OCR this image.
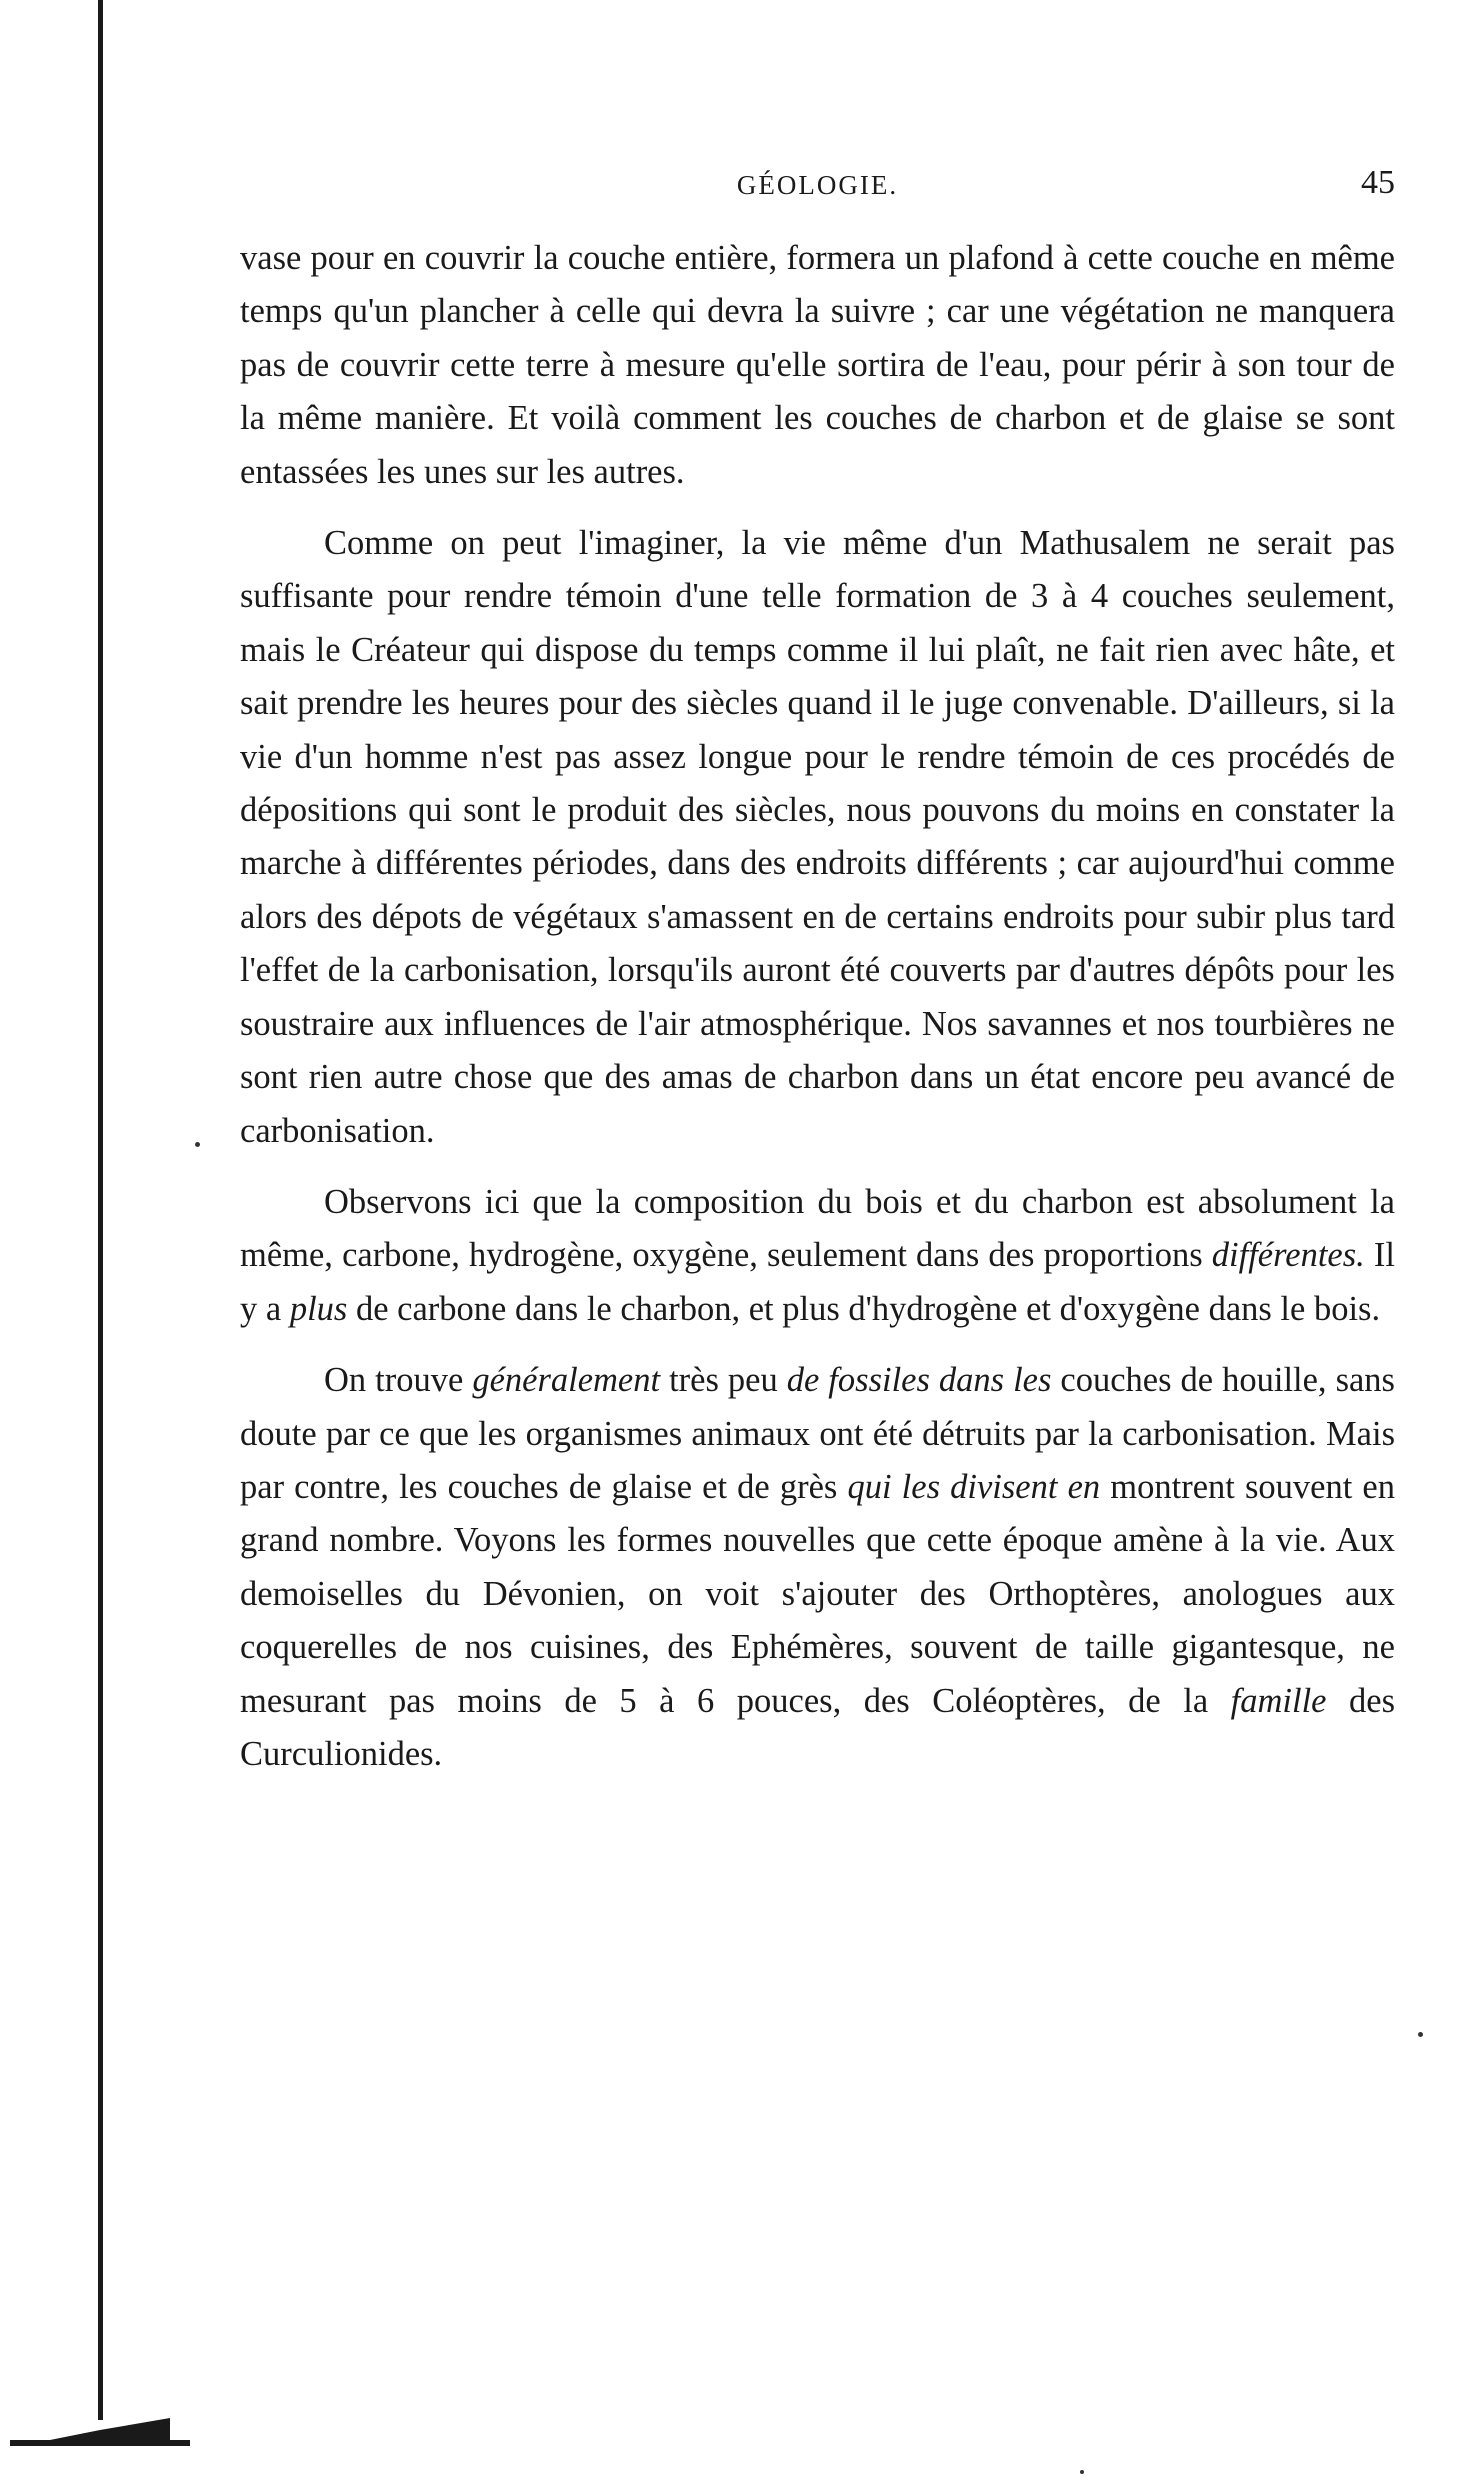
GÉOLOGIE.	45

vase pour en couvrir la couche entière, formera un plafond à cette couche en même temps qu'un plancher à celle qui devra la suivre ; car une végétation ne manquera pas de couvrir cette terre à mesure qu'elle sortira de l'eau, pour périr à son tour de la même manière. Et voilà comment les couches de charbon et de glaise se sont entassées les unes sur les autres.

Comme on peut l'imaginer, la vie même d'un Mathusalem ne serait pas suffisante pour rendre témoin d'une telle formation de 3 à 4 couches seulement, mais le Créateur qui dispose du temps comme il lui plaît, ne fait rien avec hâte, et sait prendre les heures pour des siècles quand il le juge convenable. D'ailleurs, si la vie d'un homme n'est pas assez longue pour le rendre témoin de ces procédés de dépositions qui sont le produit des siècles, nous pouvons du moins en constater la marche à différentes périodes, dans des endroits différents ; car aujourd'hui comme alors des dépots de végétaux s'amassent en de certains endroits pour subir plus tard l'effet de la carbonisation, lorsqu'ils auront été couverts par d'autres dépôts pour les soustraire aux influences de l'air atmosphérique. Nos savannes et nos tourbières ne sont rien autre chose que des amas de charbon dans un état encore peu avancé de carbonisation.

Observons ici que la composition du bois et du charbon est absolument la même, carbone, hydrogène, oxygène, seulement dans des proportions différentes. Il y a plus de carbone dans le charbon, et plus d'hydrogène et d'oxygène dans le bois.

On trouve généralement très peu de fossiles dans les couches de houille, sans doute par ce que les organismes animaux ont été détruits par la carbonisation. Mais par contre, les couches de glaise et de grès qui les divisent en montrent souvent en grand nombre. Voyons les formes nouvelles que cette époque amène à la vie. Aux demoiselles du Dévonien, on voit s'ajouter des Orthoptères, anologues aux coquerelles de nos cuisines, des Ephémères, souvent de taille gigantesque, ne mesurant pas moins de 5 à 6 pouces, des Coléoptères, de la famille des Curculionides.
